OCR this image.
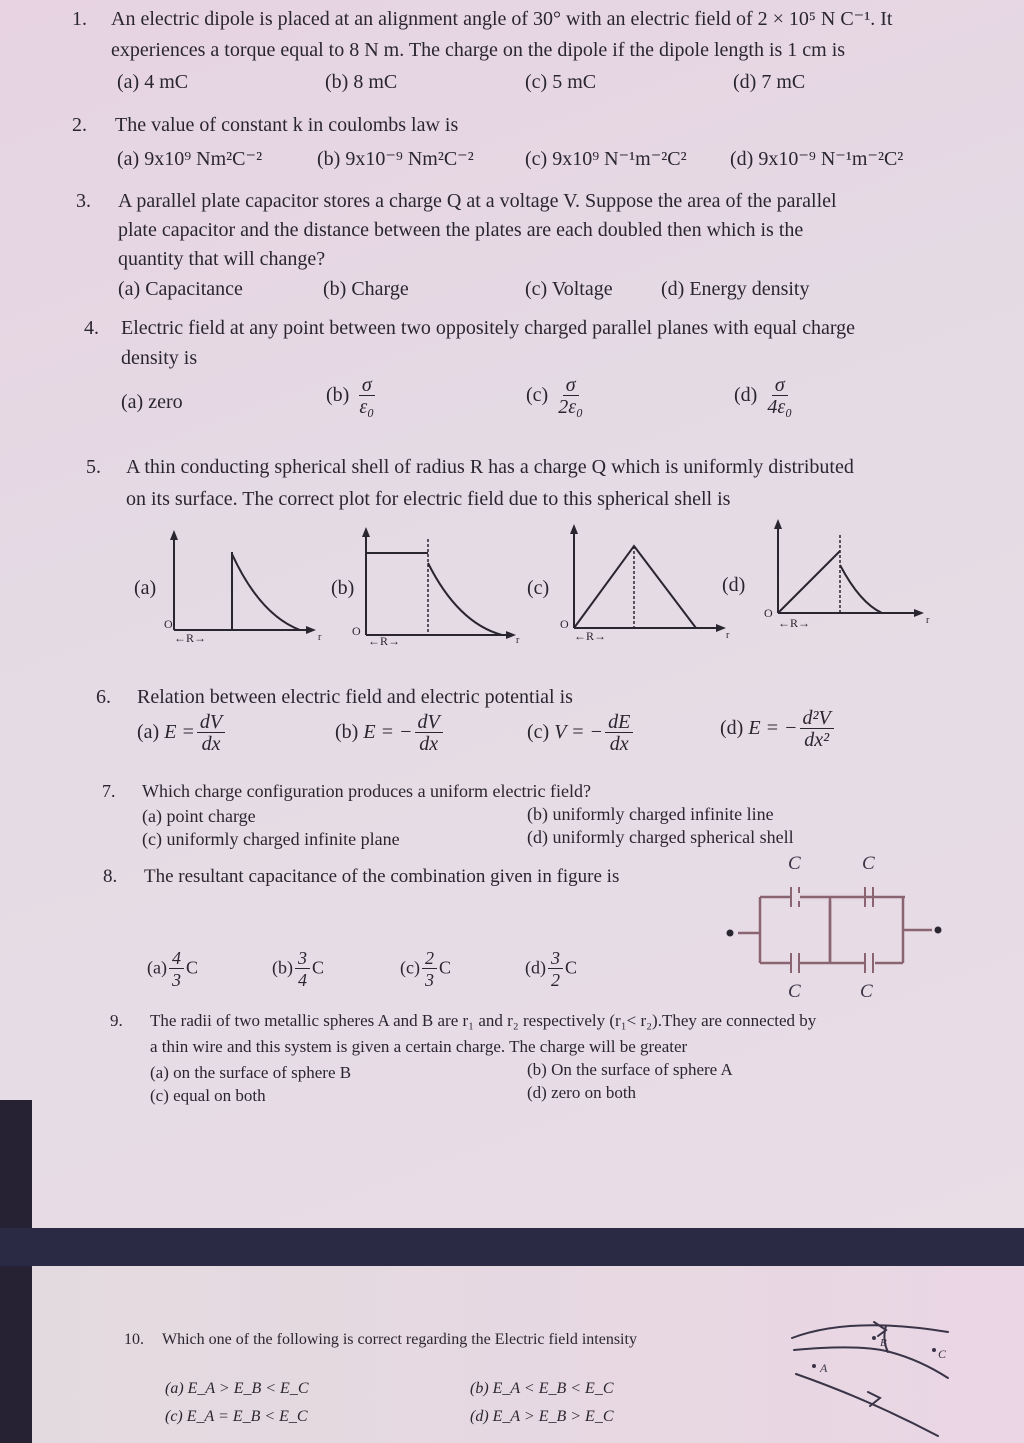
1. An electric dipole is placed at an alignment angle of 30° with an electric field of 2 × 10⁵ N C⁻¹. It
experiences a torque equal to 8 N m. The charge on the dipole if the dipole length is 1 cm is
(a) 4 mC	(b) 8 mC	(c) 5 mC	(d) 7 mC
2. The value of constant k in coulombs law is
(a) 9x10⁹ Nm²C⁻²	(b) 9x10⁻⁹ Nm²C⁻²	(c) 9x10⁹ N⁻¹m⁻²C² (d) 9x10⁻⁹ N⁻¹m⁻²C²
3. A parallel plate capacitor stores a charge Q at a voltage V. Suppose the area of the parallel
plate capacitor and the distance between the plates are each doubled then which is the
quantity that will change?
(a) Capacitance	(b) Charge	(c) Voltage (d) Energy density
4. Electric field at any point between two oppositely charged parallel planes with equal charge
density is
(a) zero	$(b) \frac{\sigma}{\text{ε₀}}$	$(c) \frac{\sigma}{\text{2ε₀}}$	$(d) \frac{\sigma}{\text{4ε₀}}$
5. A thin conducting spherical shell of radius R has a charge Q which is uniformly distributed
on its surface. The correct plot for electric field due to this spherical shell is
(a)
O
←R→	r
(b)
O
←R→	r
(c)
O
←R→	r
(d)
O
←R→	r
6. Relation between electric field and electric potential is
(a) $E = \frac{dV}{dx}$	(b) E = − $\frac{dV}{dx}$	(c) V = − $\frac{dE}{dx}$	(d) E = − $\frac{\text{d²V}}{\text{dx²}}$
7. Which charge configuration produces a uniform electric field?
(a) point charge	(b) uniformly charged infinite line
(c) uniformly charged infinite plane	(d) uniformly charged spherical shell
8. The resultant capacitance of the combination given in figure is
$(a) \frac{4}{3}$ C	$(b) \frac{3}{4}$ C	$(c) \frac{2}{3}$ C	$(d) \frac{3}{2}$ C
C	C
C	C
9. The radii of two metallic spheres A and B are r₁ and r₂ respectively (r₁< r₂).They are connected by
a thin wire and this system is given a certain charge. The charge will be greater
(a) on the surface of sphere B	(b) On the surface of sphere A
(c) equal on both	(d) zero on both
10. Which one of the following is correct regarding the Electric field intensity
(a) E_A > E_B < E_C	(b) E_A < E_B < E_C
(c) E_A = E_B < E_C	(d) E_A > E_B > E_C
A
B
C
